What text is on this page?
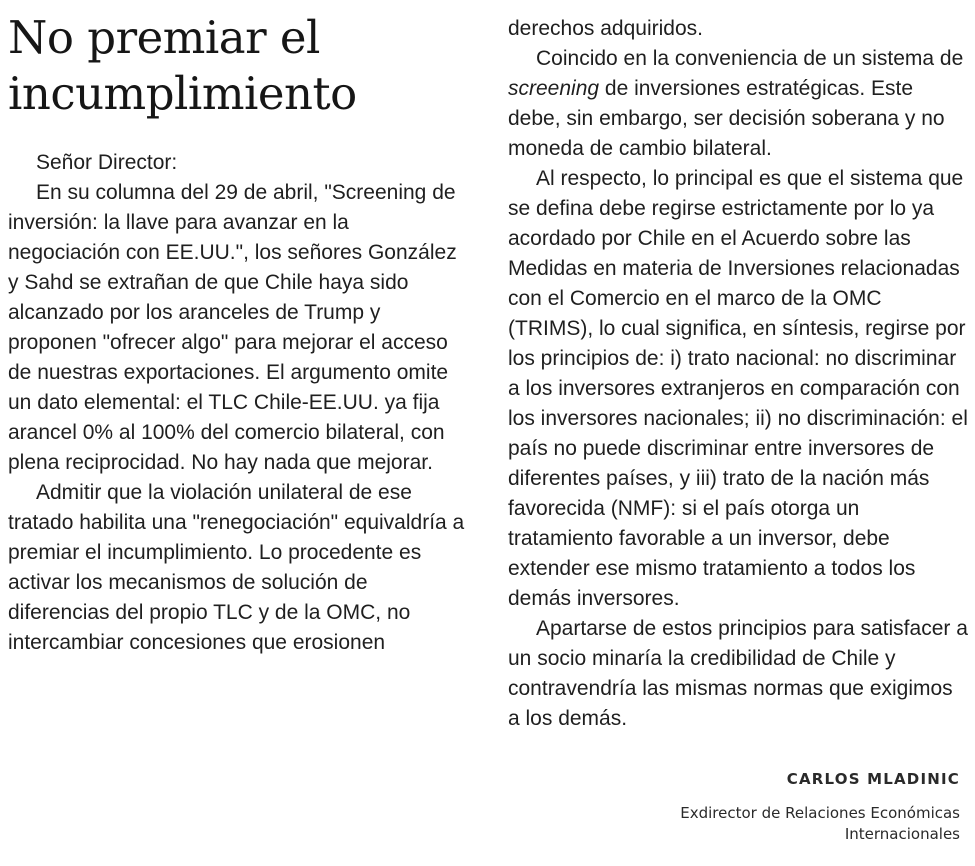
No premiar el incumplimiento

Señor Director:

En su columna del 29 de abril, "Screening de inversión: la llave para avanzar en la negociación con EE.UU.", los señores González y Sahd se extrañan de que Chile haya sido alcanzado por los aranceles de Trump y proponen "ofrecer algo" para mejorar el acceso de nuestras exportaciones. El argumento omite un dato elemental: el TLC Chile-EE.UU. ya fija arancel 0% al 100% del comercio bilateral, con plena reciprocidad. No hay nada que mejorar.

Admitir que la violación unilateral de ese tratado habilita una "renegociación" equivaldría a premiar el incumplimiento. Lo procedente es activar los mecanismos de solución de diferencias del propio TLC y de la OMC, no intercambiar concesiones que erosionen

derechos adquiridos.

Coincido en la conveniencia de un sistema de screening de inversiones estratégicas. Este debe, sin embargo, ser decisión soberana y no moneda de cambio bilateral.

Al respecto, lo principal es que el sistema que se defina debe regirse estrictamente por lo ya acordado por Chile en el Acuerdo sobre las Medidas en materia de Inversiones relacionadas con el Comercio en el marco de la OMC (TRIMS), lo cual significa, en síntesis, regirse por los principios de: i) trato nacional: no discriminar a los inversores extranjeros en comparación con los inversores nacionales; ii) no discriminación: el país no puede discriminar entre inversores de diferentes países, y iii) trato de la nación más favorecida (NMF): si el país otorga un tratamiento favorable a un inversor, debe extender ese mismo tratamiento a todos los demás inversores.

Apartarse de estos principios para satisfacer a un socio minaría la credibilidad de Chile y contravendría las mismas normas que exigimos a los demás.

CARLOS MLADINIC
Exdirector de Relaciones Económicas Internacionales
